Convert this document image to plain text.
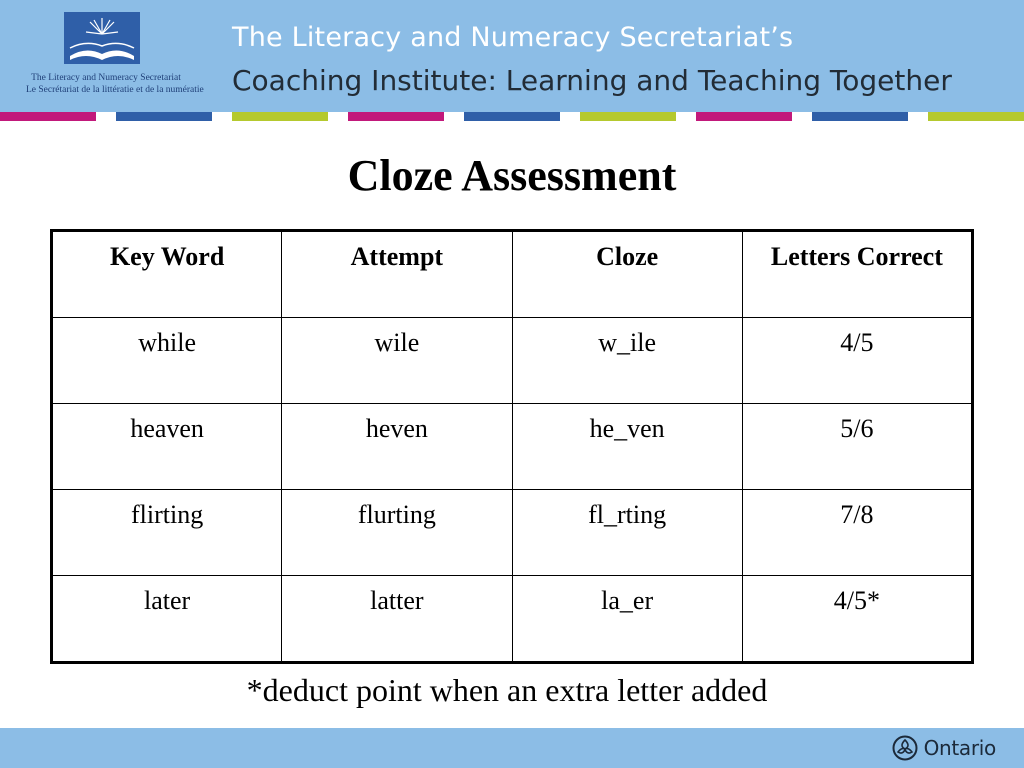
The Literacy and Numeracy Secretariat
Le Secrétariat de la littératie et de la numératie
The Literacy and Numeracy Secretariat’s
Coaching Institute: Learning and Teaching Together
Cloze Assessment
Key Word	Attempt	Cloze	Letters Correct
while	wile	w_ile	4/5
heaven	heven	he_ven	5/6
flirting	flurting	fl_rting	7/8
later	latter	la_er	4/5*
*deduct point when an extra letter added
Ontario
